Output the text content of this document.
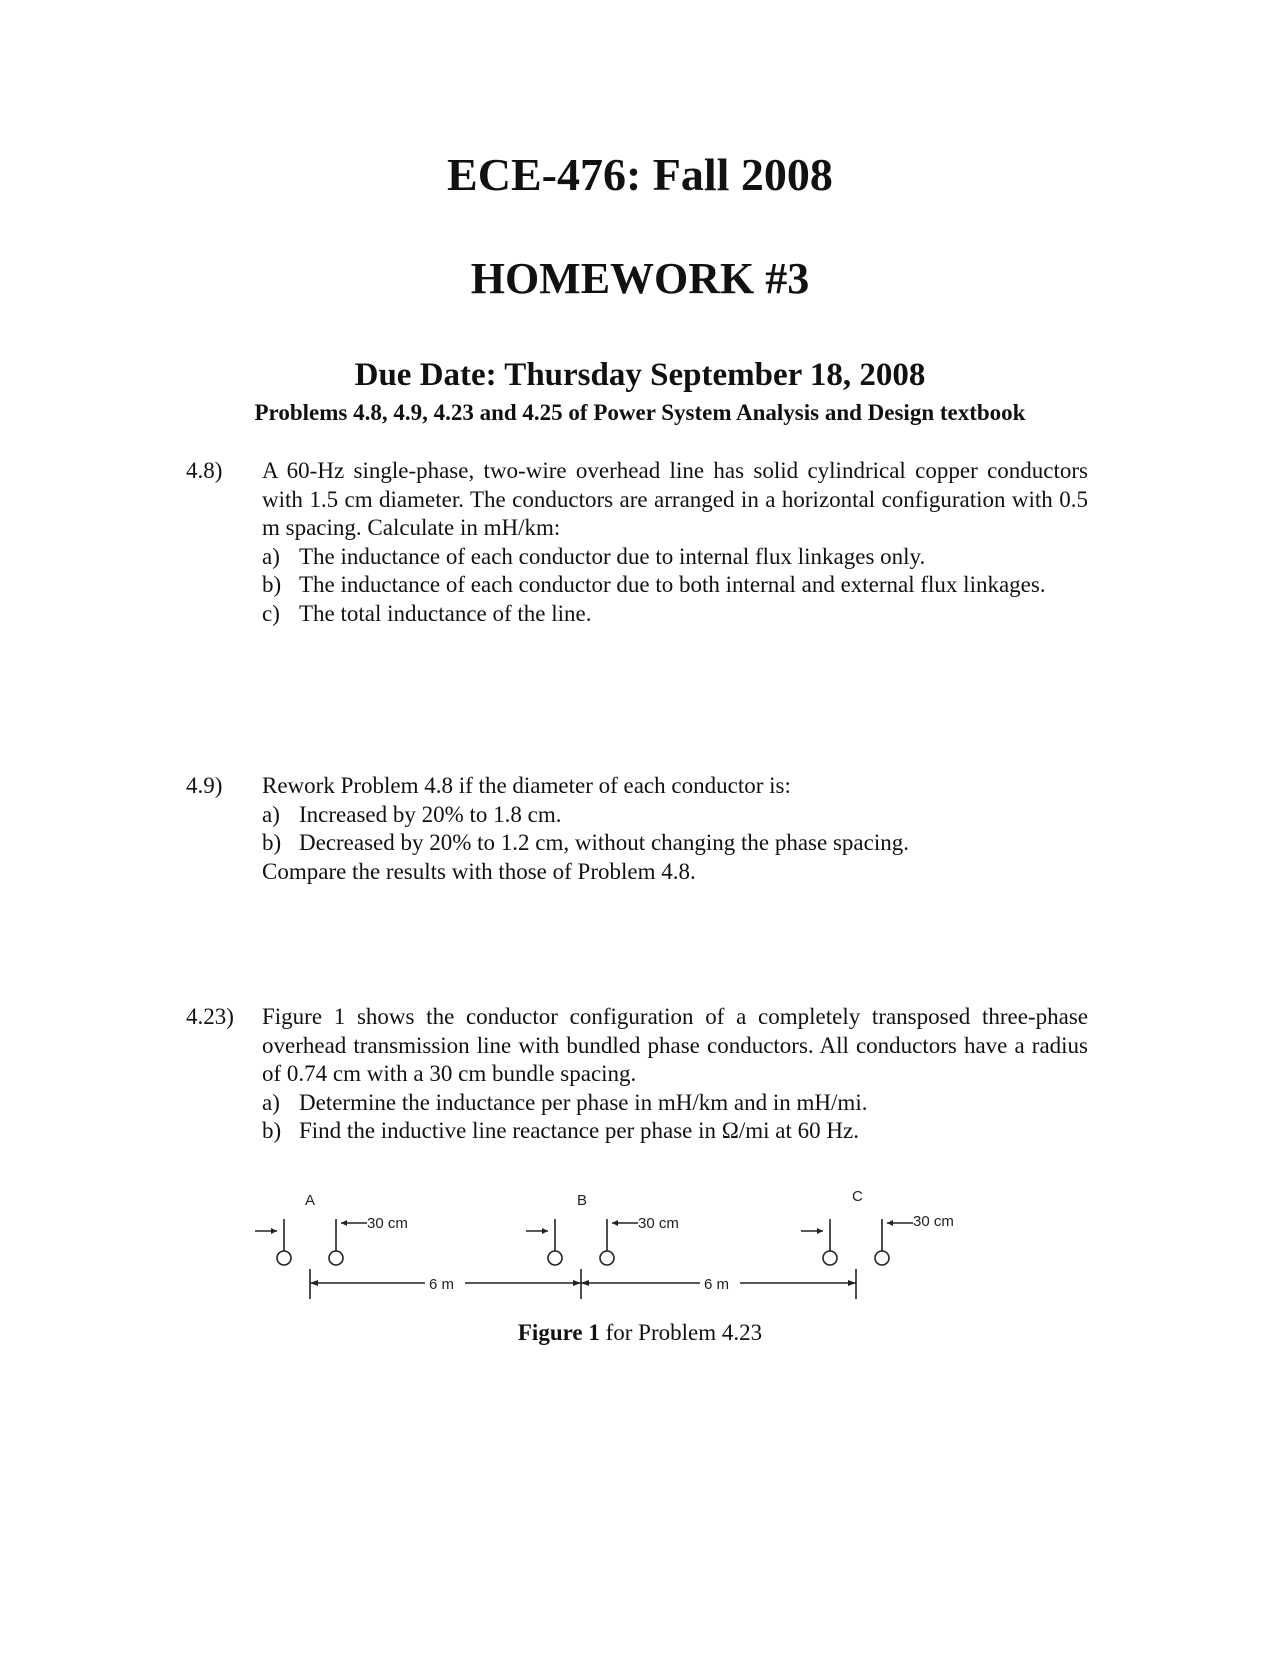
ECE-476: Fall 2008
HOMEWORK #3
Due Date: Thursday September 18, 2008
Problems 4.8, 4.9, 4.23 and 4.25 of Power System Analysis and Design textbook
4.8) A 60-Hz single-phase, two-wire overhead line has solid cylindrical copper conductors with 1.5 cm diameter. The conductors are arranged in a horizontal configuration with 0.5 m spacing. Calculate in mH/km:

a) The inductance of each conductor due to internal flux linkages only.
b) The inductance of each conductor due to both internal and external flux linkages.
c) The total inductance of the line.
4.9) Rework Problem 4.8 if the diameter of each conductor is:

a) Increased by 20% to 1.8 cm.
b) Decreased by 20% to 1.2 cm, without changing the phase spacing.

Compare the results with those of Problem 4.8.

4.23) Figure 1 shows the conductor configuration of a completely transposed three-phase overhead transmission line with bundled phase conductors. All conductors have a radius of 0.74 cm with a 30 cm bundle spacing.

a) Determine the inductance per phase in mH/km and in mH/mi.
b) Find the inductive line reactance per phase in Ω/mi at 60 Hz.
A	B	C
30 cm	30 cm	30 cm
6 m	6 m
Figure 1 for Problem 4.23
